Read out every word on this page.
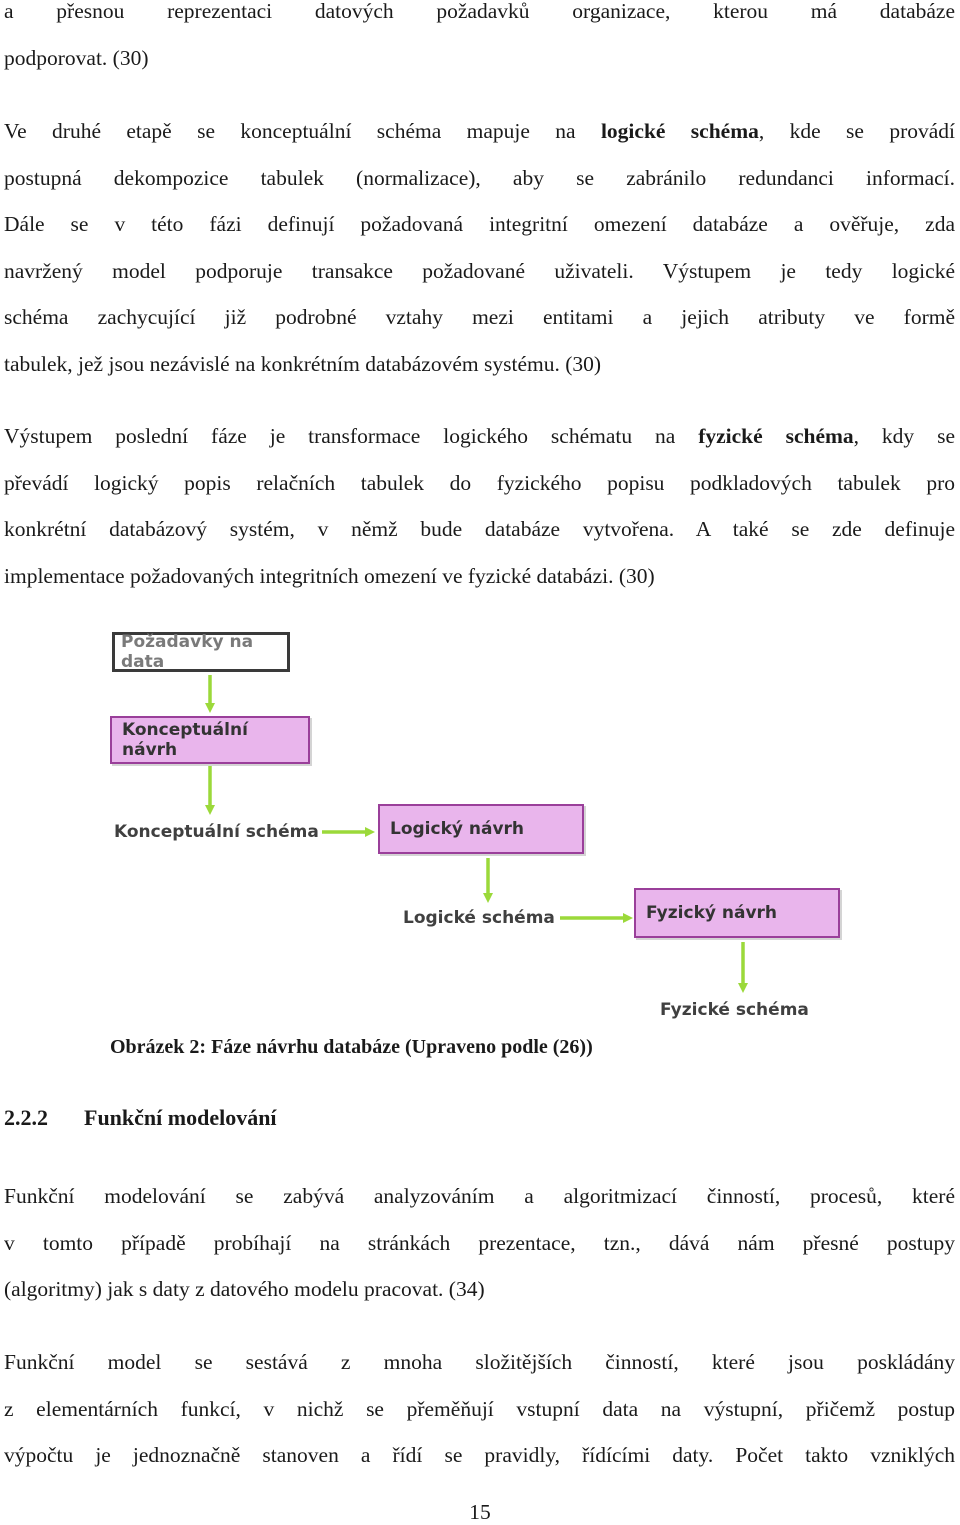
a přesnou reprezentaci datových požadavků organizace, kterou má databáze
podporovat. (30)
Ve druhé etapě se konceptuální schéma mapuje na logické schéma, kde se provádí
postupná dekompozice tabulek (normalizace), aby se zabránilo redundanci informací.
Dále se v této fázi definují požadovaná integritní omezení databáze a ověřuje, zda
navržený model podporuje transakce požadované uživateli. Výstupem je tedy logické
schéma zachycující již podrobné vztahy mezi entitami a jejich atributy ve formě
tabulek, jež jsou nezávislé na konkrétním databázovém systému. (30)
Výstupem poslední fáze je transformace logického schématu na fyzické schéma, kdy se
převádí logický popis relačních tabulek do fyzického popisu podkladových tabulek pro
konkrétní databázový systém, v němž bude databáze vytvořena. A také se zde definuje
implementace požadovaných integritních omezení ve fyzické databázi. (30)
Požadavky na data
Konceptuální návrh
Konceptuální schéma	Logický návrh
Logické schéma	Fyzický návrh
Fyzické schéma
Obrázek 2: Fáze návrhu databáze (Upraveno podle (26))
2.2.2 Funkční modelování
Funkční modelování se zabývá analyzováním a algoritmizací činností, procesů, které
v tomto případě probíhají na stránkách prezentace, tzn., dává nám přesné postupy
(algoritmy) jak s daty z datového modelu pracovat. (34)
Funkční model se sestává z mnoha složitějších činností, které jsou poskládány
z elementárních funkcí, v nichž se přeměňují vstupní data na výstupní, přičemž postup
výpočtu je jednoznačně stanoven a řídí se pravidly, řídícími daty. Počet takto vzniklých
15
